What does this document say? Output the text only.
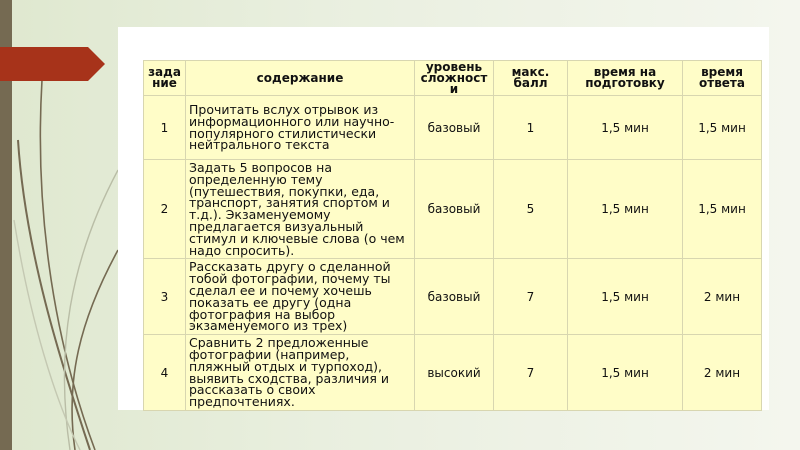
зада ние	содержание	уровень сложност и	макс. балл	время на подготовку	время ответа
1	Прочитать вслух отрывок из информационного или научно-популярного стилистически нейтрального текста	базовый	1	1,5 мин	1,5 мин
2	Задать 5 вопросов на определенную тему (путешествия, покупки, еда, транспорт, занятия спортом и т.д.). Экзаменуемому предлагается визуальный стимул и ключевые слова (о чем надо спросить).	базовый	5	1,5 мин	1,5 мин
3	Рассказать другу о сделанной тобой фотографии, почему ты сделал ее и почему хочешь показать ее другу (одна фотография на выбор экзаменуемого из трех)	базовый	7	1,5 мин	2 мин
4	Сравнить 2 предложенные фотографии (например, пляжный отдых и турпоход), выявить сходства, различия и рассказать о своих предпочтениях.	высокий	7	1,5 мин	2 мин
